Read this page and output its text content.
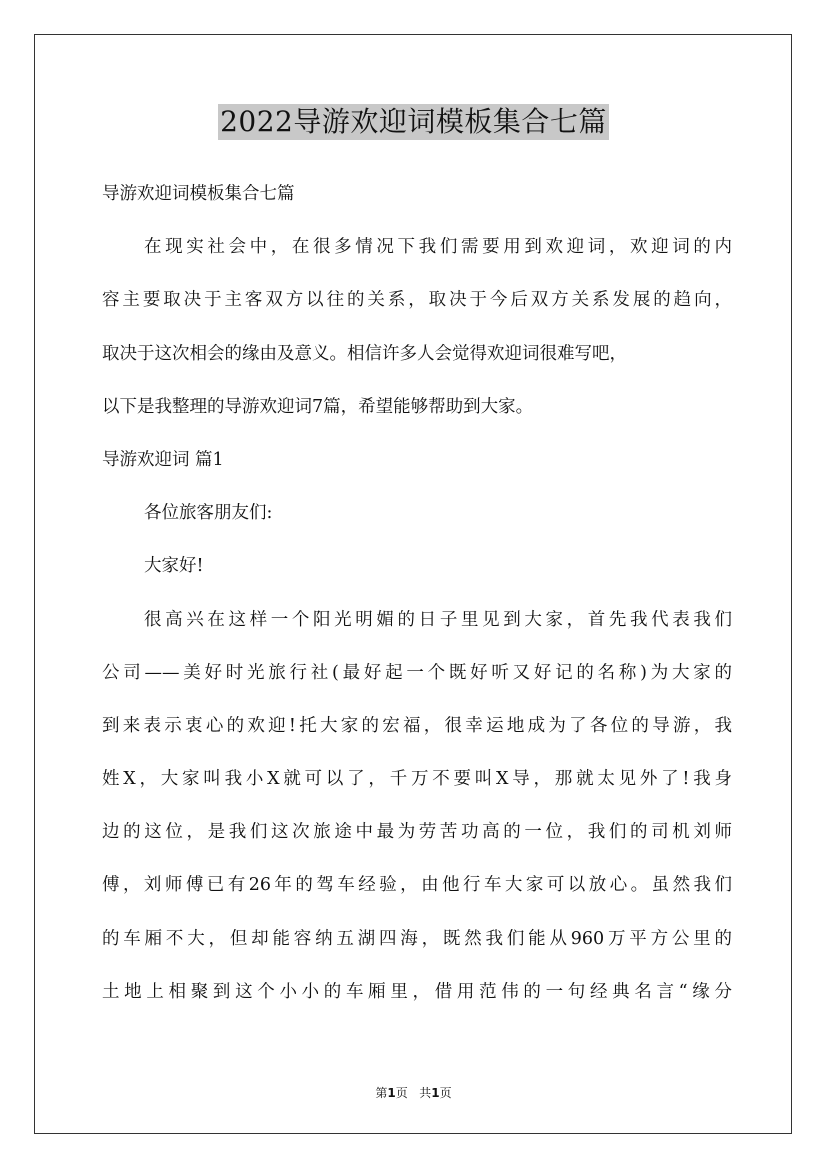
2022导游欢迎词模板集合七篇
导游欢迎词模板集合七篇
在现实社会中，在很多情况下我们需要用到欢迎词，欢迎词的内
容主要取决于主客双方以往的关系，取决于今后双方关系发展的趋向，
取决于这次相会的缘由及意义。相信许多人会觉得欢迎词很难写吧，
以下是我整理的导游欢迎词7篇，希望能够帮助到大家。
导游欢迎词 篇1
各位旅客朋友们:
大家好!
很高兴在这样一个阳光明媚的日子里见到大家，首先我代表我们
公司——美好时光旅行社(最好起一个既好听又好记的名称)为大家的
到来表示衷心的欢迎!托大家的宏福，很幸运地成为了各位的导游，我
姓X，大家叫我小X就可以了，千万不要叫X导，那就太见外了!我身
边的这位，是我们这次旅途中最为劳苦功高的一位，我们的司机刘师
傅，刘师傅已有26年的驾车经验，由他行车大家可以放心。虽然我们
的车厢不大，但却能容纳五湖四海，既然我们能从960万平方公里的
土地上相聚到这个小小的车厢里，借用范伟的一句经典名言“缘分
第1页 共1页
